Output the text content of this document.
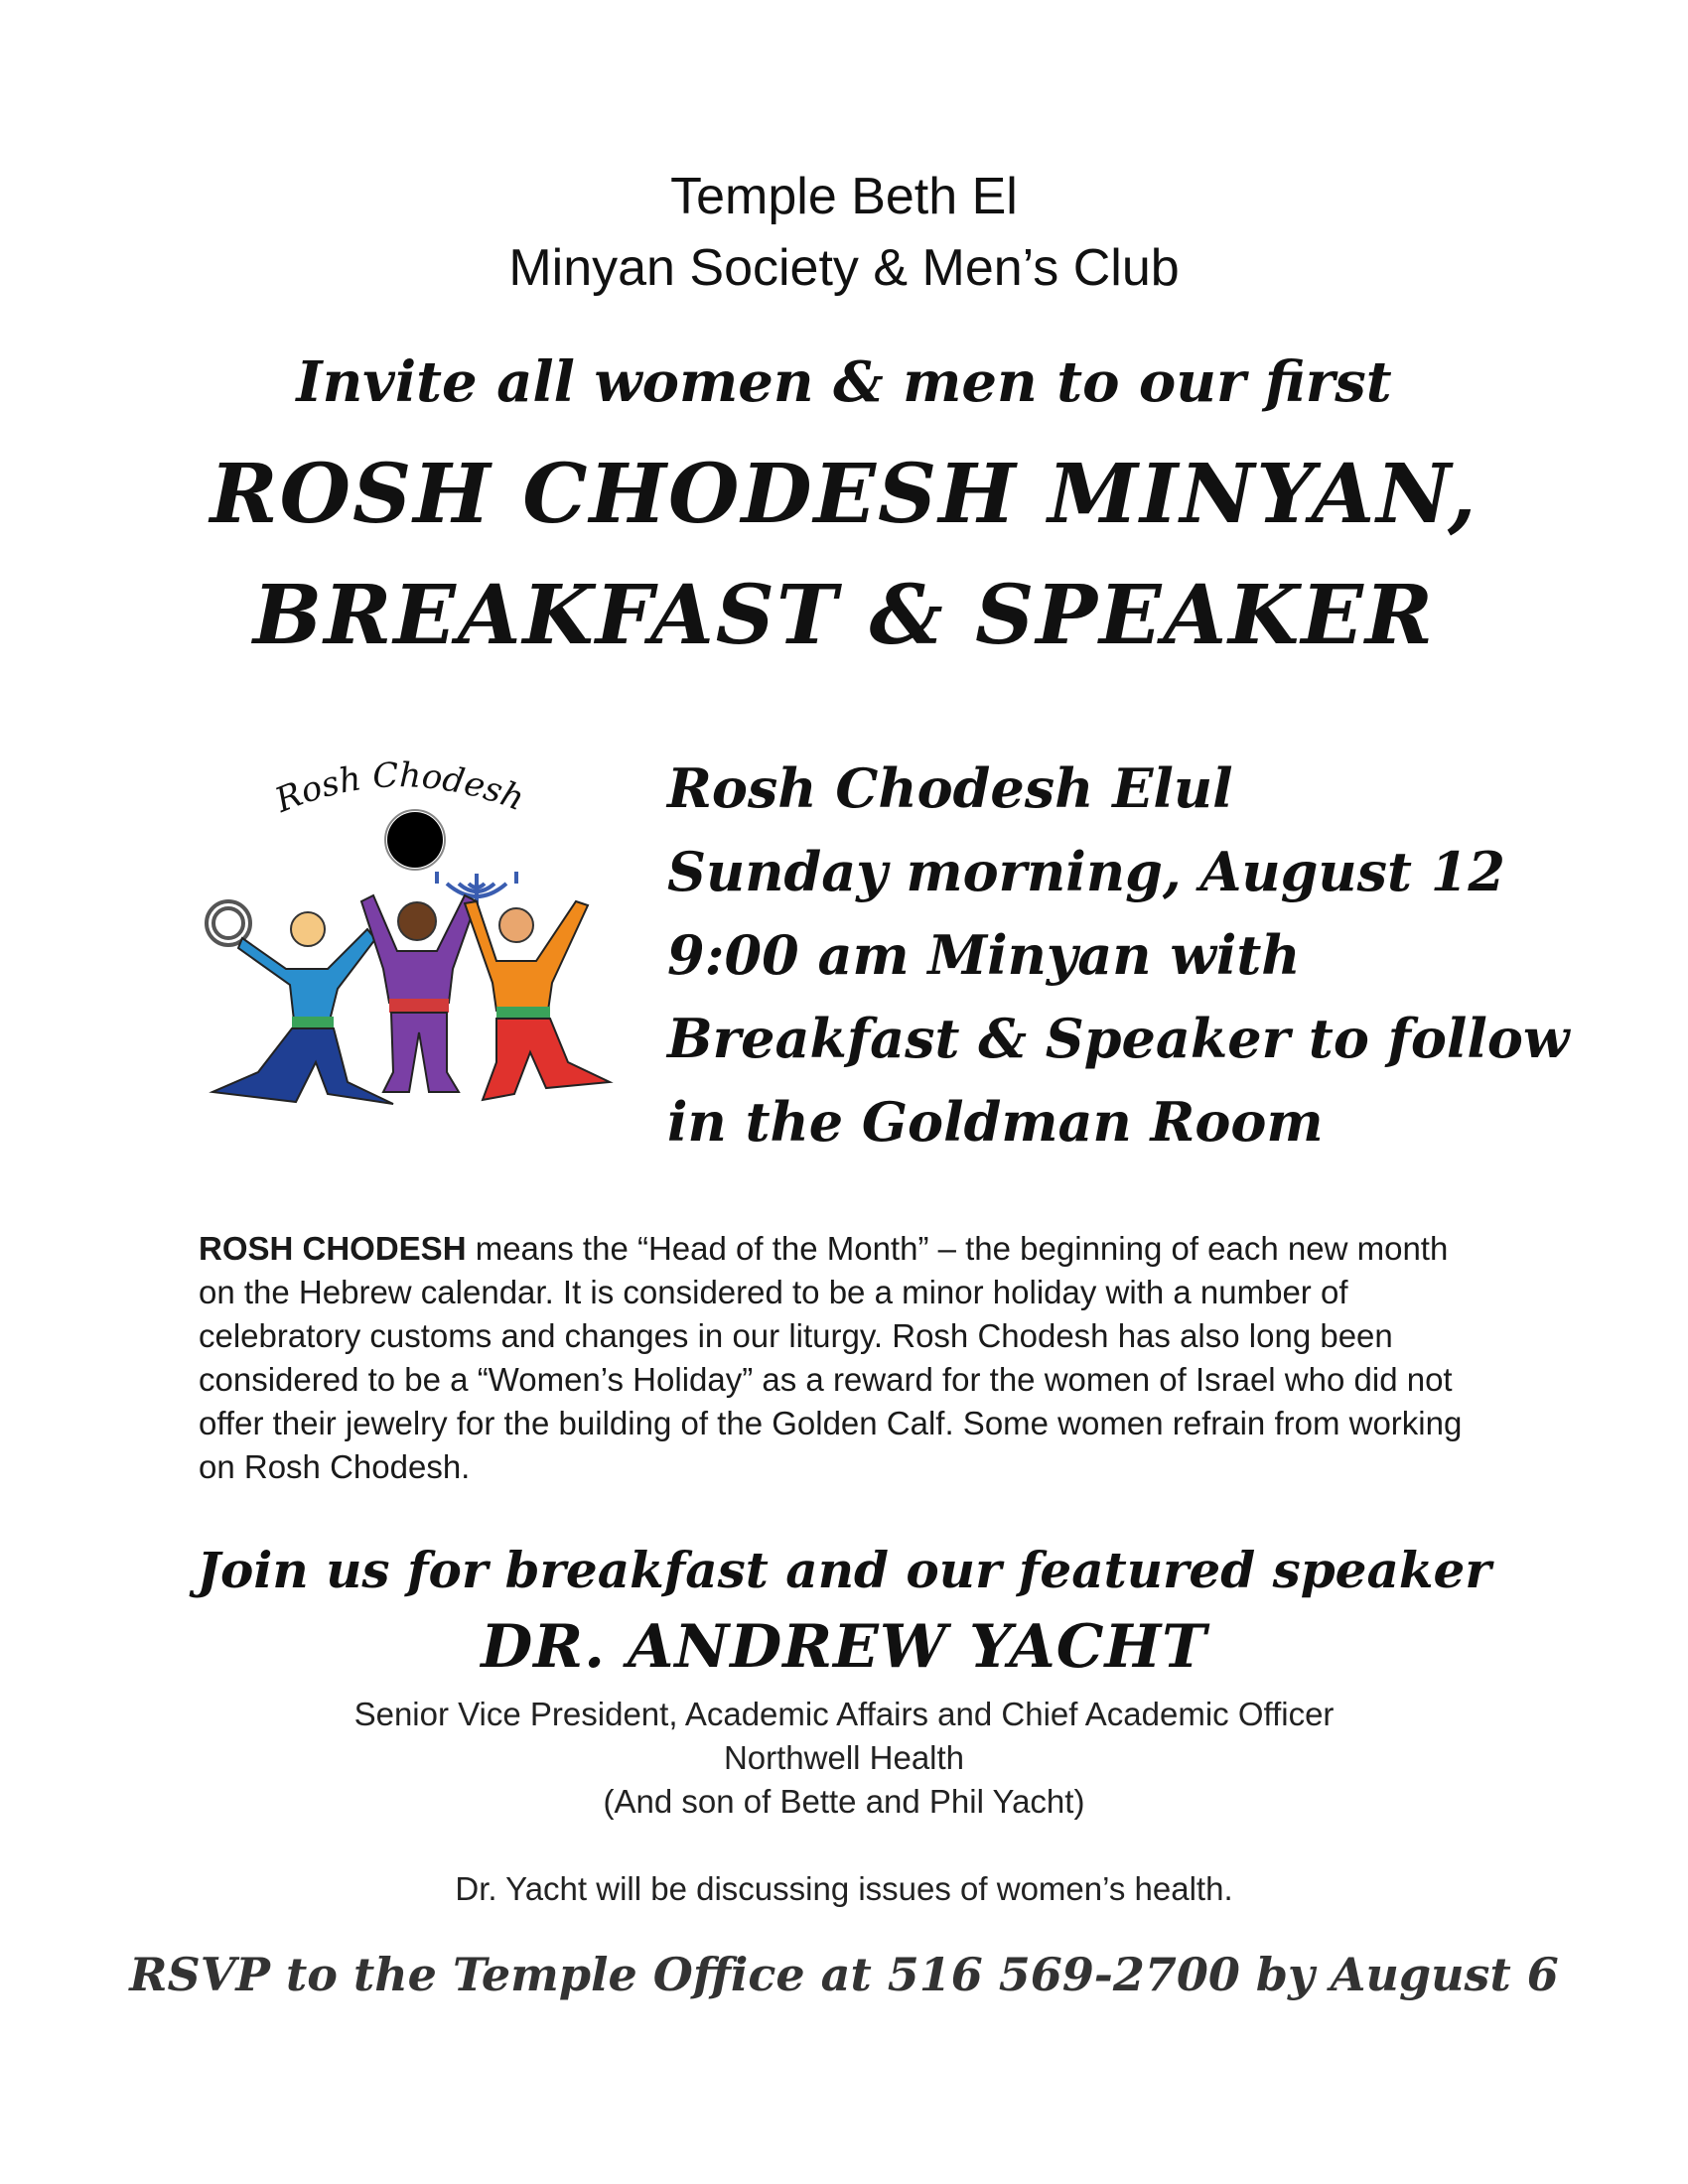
Temple Beth El
Minyan Society & Men’s Club
Invite all women & men to our first
ROSH CHODESH MINYAN,
BREAKFAST & SPEAKER
Rosh Chodesh	Rosh Chodesh Elul
Sunday morning, August 12
9:00 am Minyan with
Breakfast & Speaker to follow
in the Goldman Room
ROSH CHODESH means the “Head of the Month” – the beginning of each new month on the Hebrew calendar. It is considered to be a minor holiday with a number of celebratory customs and changes in our liturgy. Rosh Chodesh has also long been considered to be a “Women’s Holiday” as a reward for the women of Israel who did not offer their jewelry for the building of the Golden Calf. Some women refrain from working on Rosh Chodesh.
Join us for breakfast and our featured speaker
DR. ANDREW YACHT
Senior Vice President, Academic Affairs and Chief Academic Officer
Northwell Health
(And son of Bette and Phil Yacht)
Dr. Yacht will be discussing issues of women’s health.
RSVP to the Temple Office at 516 569-2700 by August 6
